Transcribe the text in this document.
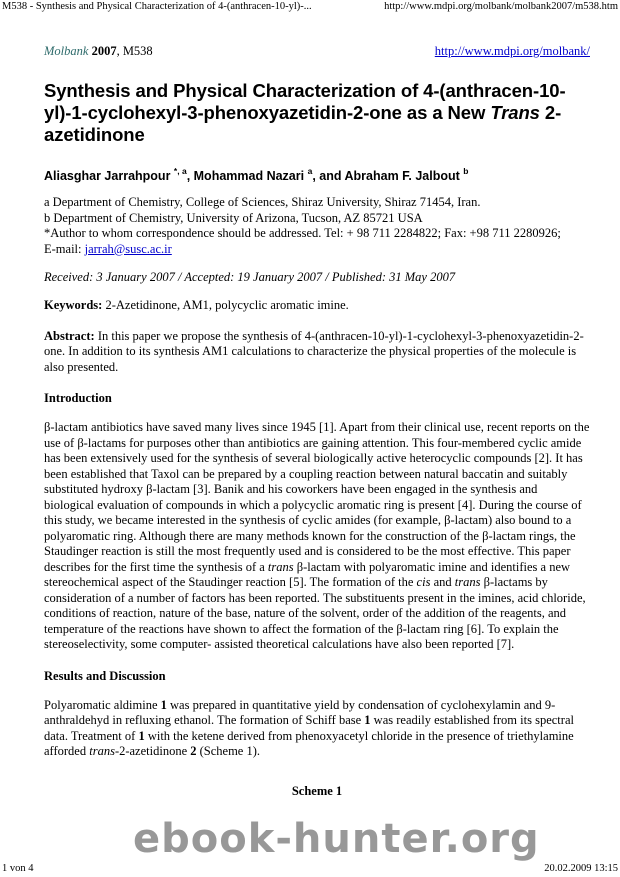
M538 - Synthesis and Physical Characterization of 4-(anthracen-10-yl)-...	http://www.mdpi.org/molbank/molbank2007/m538.htm
Molbank 2007, M538	http://www.mdpi.org/molbank/
Synthesis and Physical Characterization of 4-(anthracen-10-yl)-1-cyclohexyl-3-phenoxyazetidin-2-one as a New Trans 2-azetidinone
Aliasghar Jarrahpour $^{*, a}$, Mohammad Nazari $^a$, and Abraham F. Jalbout $^b$
a Department of Chemistry, College of Sciences, Shiraz University, Shiraz 71454, Iran.
b Department of Chemistry, University of Arizona, Tucson, AZ 85721 USA
*Author to whom correspondence should be addressed. Tel: + 98 711 2284822; Fax: +98 711 2280926;
E-mail: jarrah@susc.ac.ir
Received: 3 January 2007 / Accepted: 19 January 2007 / Published: 31 May 2007
Keywords: 2-Azetidinone, AM1, polycyclic aromatic imine.
Abstract: In this paper we propose the synthesis of 4-(anthracen-10-yl)-1-cyclohexyl-3-phenoxyazetidin-2-one. In addition to its synthesis AM1 calculations to characterize the physical properties of the molecule is also presented.
Introduction
β-lactam antibiotics have saved many lives since 1945 [1]. Apart from their clinical use, recent reports on the use of β-lactams for purposes other than antibiotics are gaining attention. This four-membered cyclic amide has been extensively used for the synthesis of several biologically active heterocyclic compounds [2]. It has been established that Taxol can be prepared by a coupling reaction between natural baccatin and suitably substituted hydroxy β-lactam [3]. Banik and his coworkers have been engaged in the synthesis and biological evaluation of compounds in which a polycyclic aromatic ring is present [4]. During the course of this study, we became interested in the synthesis of cyclic amides (for example, β-lactam) also bound to a polyaromatic ring. Although there are many methods known for the construction of the β-lactam rings, the Staudinger reaction is still the most frequently used and is considered to be the most effective. This paper describes for the first time the synthesis of a trans β-lactam with polyaromatic imine and identifies a new stereochemical aspect of the Staudinger reaction [5]. The formation of the cis and trans β-lactams by consideration of a number of factors has been reported. The substituents present in the imines, acid chloride, conditions of reaction, nature of the base, nature of the solvent, order of the addition of the reagents, and temperature of the reactions have shown to affect the formation of the β-lactam ring [6]. To explain the stereoselectivity, some computer- assisted theoretical calculations have also been reported [7].
Results and Discussion
Polyaromatic aldimine 1 was prepared in quantitative yield by condensation of cyclohexylamin and 9-anthraldehyd in refluxing ethanol. The formation of Schiff base 1 was readily established from its spectral data. Treatment of 1 with the ketene derived from phenoxyacetyl chloride in the presence of triethylamine afforded trans-2-azetidinone 2 (Scheme 1).
Scheme 1
ebook-hunter.org
1 von 4	20.02.2009 13:15
